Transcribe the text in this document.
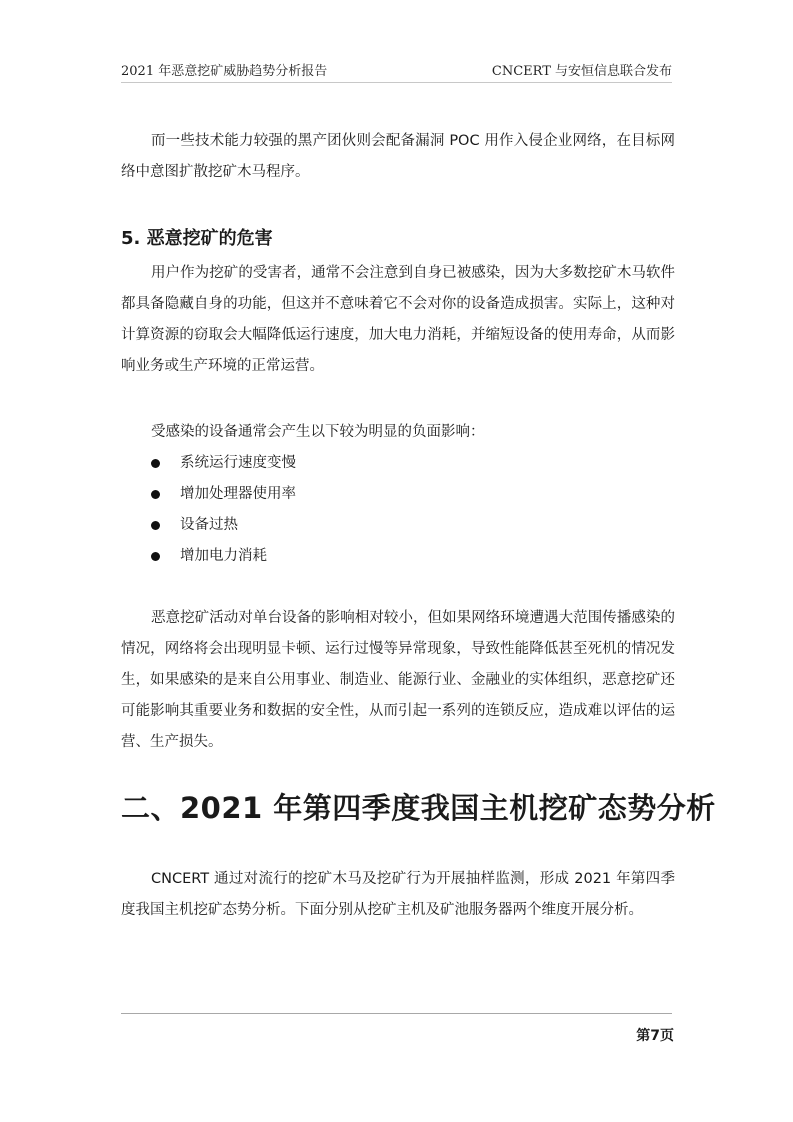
2021 年恶意挖矿威胁趋势分析报告	CNCERT 与安恒信息联合发布

而一些技术能力较强的黑产团伙则会配备漏洞 POC 用作入侵企业网络，在目标网络中意图扩散挖矿木马程序。

5. 恶意挖矿的危害

用户作为挖矿的受害者，通常不会注意到自身已被感染，因为大多数挖矿木马软件都具备隐藏自身的功能，但这并不意味着它不会对你的设备造成损害。实际上，这种对计算资源的窃取会大幅降低运行速度，加大电力消耗，并缩短设备的使用寿命，从而影响业务或生产环境的正常运营。

受感染的设备通常会产生以下较为明显的负面影响：

系统运行速度变慢
增加处理器使用率
设备过热
增加电力消耗

恶意挖矿活动对单台设备的影响相对较小，但如果网络环境遭遇大范围传播感染的情况，网络将会出现明显卡顿、运行过慢等异常现象，导致性能降低甚至死机的情况发生，如果感染的是来自公用事业、制造业、能源行业、金融业的实体组织，恶意挖矿还可能影响其重要业务和数据的安全性，从而引起一系列的连锁反应，造成难以评估的运营、生产损失。

二、2021 年第四季度我国主机挖矿态势分析

CNCERT 通过对流行的挖矿木马及挖矿行为开展抽样监测，形成 2021 年第四季度我国主机挖矿态势分析。下面分别从挖矿主机及矿池服务器两个维度开展分析。

第7页
